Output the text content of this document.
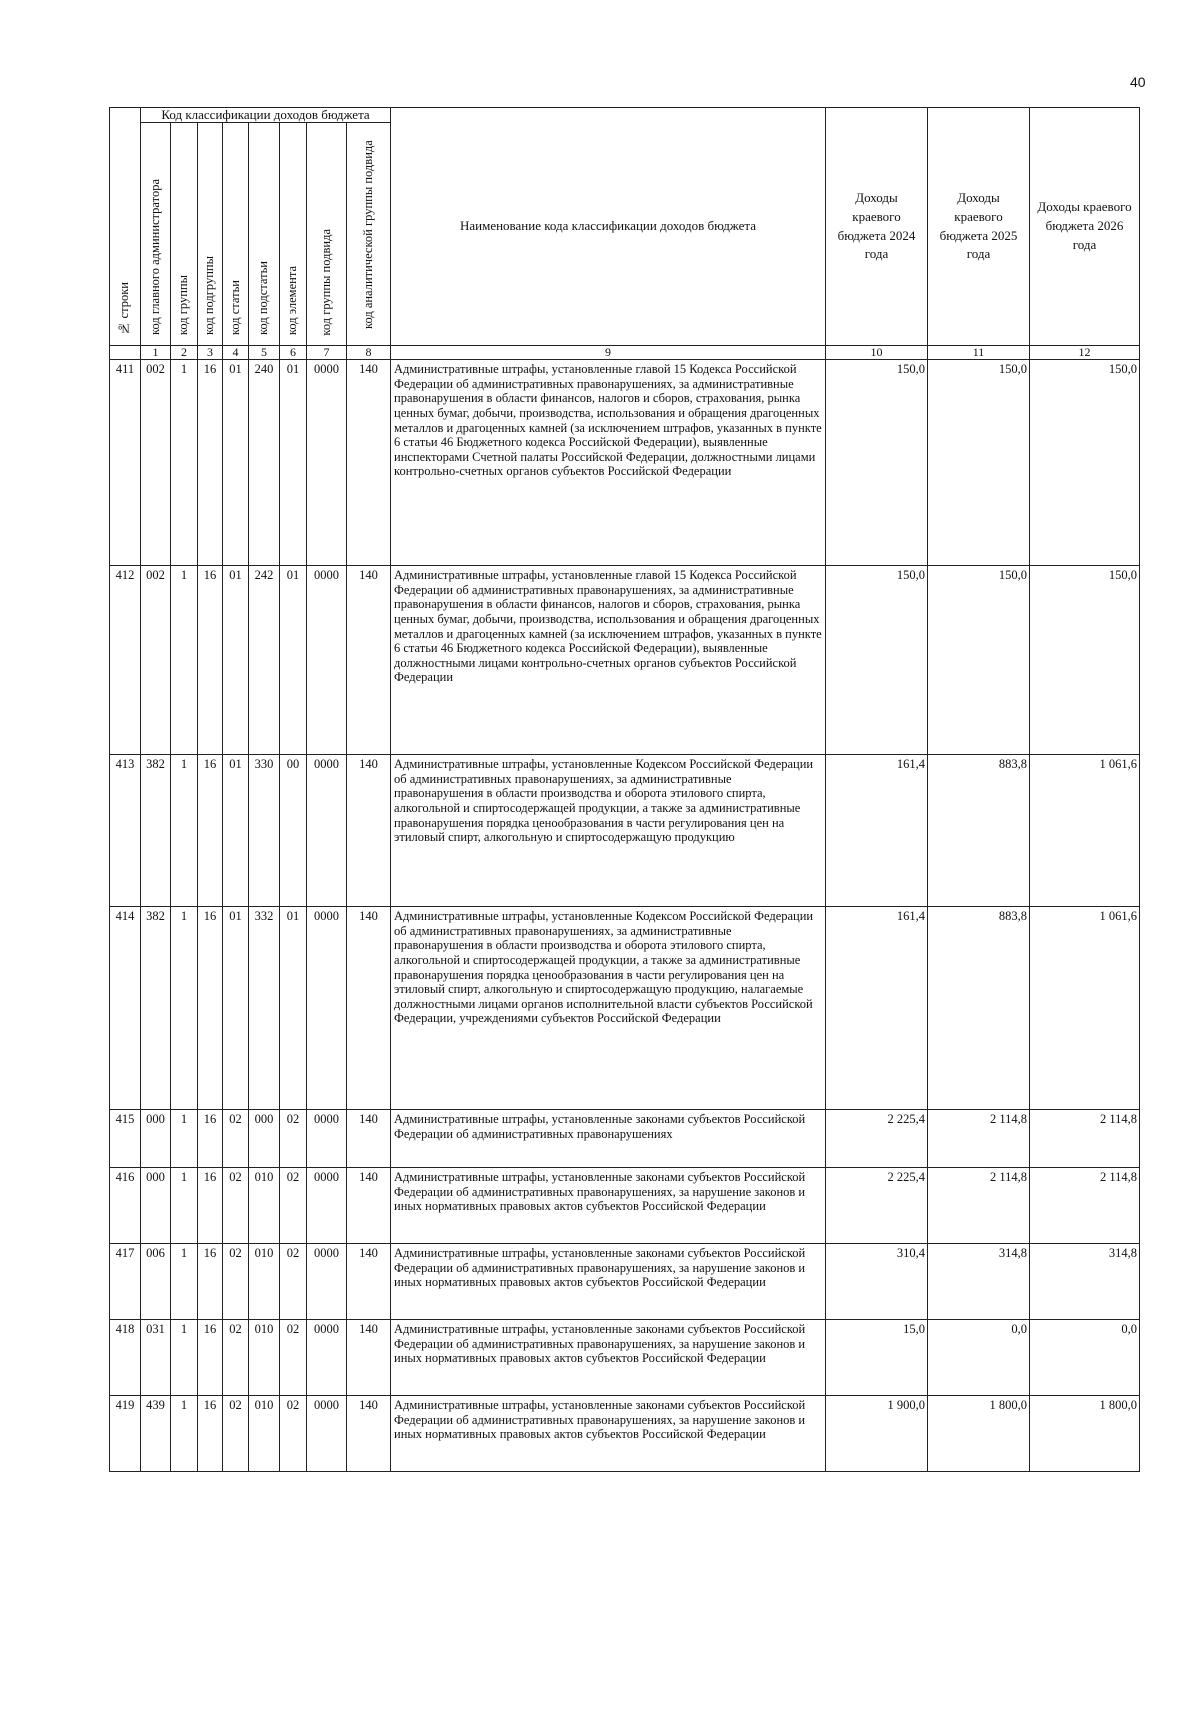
40
№ строки	Код классификации доходов бюджета								Наименование кода классификации доходов бюджета	Доходы краевого бюджета 2024 года	Доходы краевого бюджета 2025 года	Доходы краевого бюджета 2026 года
	код главного администратора	код группы	код подгруппы	код статьи	код подстатьи	код элемента	код группы подвида	код аналитической группы подвида				
	1	2	3	4	5	6	7	8	9	10	11	12
411	002	1	16	01	240	01	0000	140	Административные штрафы, установленные главой 15 Кодекса Российской Федерации об административных правонарушениях, за административные правонарушения в области финансов, налогов и сборов, страхования, рынка ценных бумаг, добычи, производства, использования и обращения драгоценных металлов и драгоценных камней (за исключением штрафов, указанных в пункте 6 статьи 46 Бюджетного кодекса Российской Федерации), выявленные инспекторами Счетной палаты Российской Федерации, должностными лицами контрольно-счетных органов субъектов Российской Федерации	150,0	150,0	150,0
412	002	1	16	01	242	01	0000	140	Административные штрафы, установленные главой 15 Кодекса Российской Федерации об административных правонарушениях, за административные правонарушения в области финансов, налогов и сборов, страхования, рынка ценных бумаг, добычи, производства, использования и обращения драгоценных металлов и драгоценных камней (за исключением штрафов, указанных в пункте 6 статьи 46 Бюджетного кодекса Российской Федерации), выявленные должностными лицами контрольно-счетных органов субъектов Российской Федерации	150,0	150,0	150,0
413	382	1	16	01	330	00	0000	140	Административные штрафы, установленные Кодексом Российской Федерации об административных правонарушениях, за административные правонарушения в области производства и оборота этилового спирта, алкогольной и спиртосодержащей продукции, а также за административные правонарушения порядка ценообразования в части регулирования цен на этиловый спирт, алкогольную и спиртосодержащую продукцию	161,4	883,8	1 061,6
414	382	1	16	01	332	01	0000	140	Административные штрафы, установленные Кодексом Российской Федерации об административных правонарушениях, за административные правонарушения в области производства и оборота этилового спирта, алкогольной и спиртосодержащей продукции, а также за административные правонарушения порядка ценообразования в части регулирования цен на этиловый спирт, алкогольную и спиртосодержащую продукцию, налагаемые должностными лицами органов исполнительной власти субъектов Российской Федерации, учреждениями субъектов Российской Федерации	161,4	883,8	1 061,6
415	000	1	16	02	000	02	0000	140	Административные штрафы, установленные законами субъектов Российской Федерации об административных правонарушениях	2 225,4	2 114,8	2 114,8
416	000	1	16	02	010	02	0000	140	Административные штрафы, установленные законами субъектов Российской Федерации об административных правонарушениях, за нарушение законов и иных нормативных правовых актов субъектов Российской Федерации	2 225,4	2 114,8	2 114,8
417	006	1	16	02	010	02	0000	140	Административные штрафы, установленные законами субъектов Российской Федерации об административных правонарушениях, за нарушение законов и иных нормативных правовых актов субъектов Российской Федерации	310,4	314,8	314,8
418	031	1	16	02	010	02	0000	140	Административные штрафы, установленные законами субъектов Российской Федерации об административных правонарушениях, за нарушение законов и иных нормативных правовых актов субъектов Российской Федерации	15,0	0,0	0,0
419	439	1	16	02	010	02	0000	140	Административные штрафы, установленные законами субъектов Российской Федерации об административных правонарушениях, за нарушение законов и иных нормативных правовых актов субъектов Российской Федерации	1 900,0	1 800,0	1 800,0
